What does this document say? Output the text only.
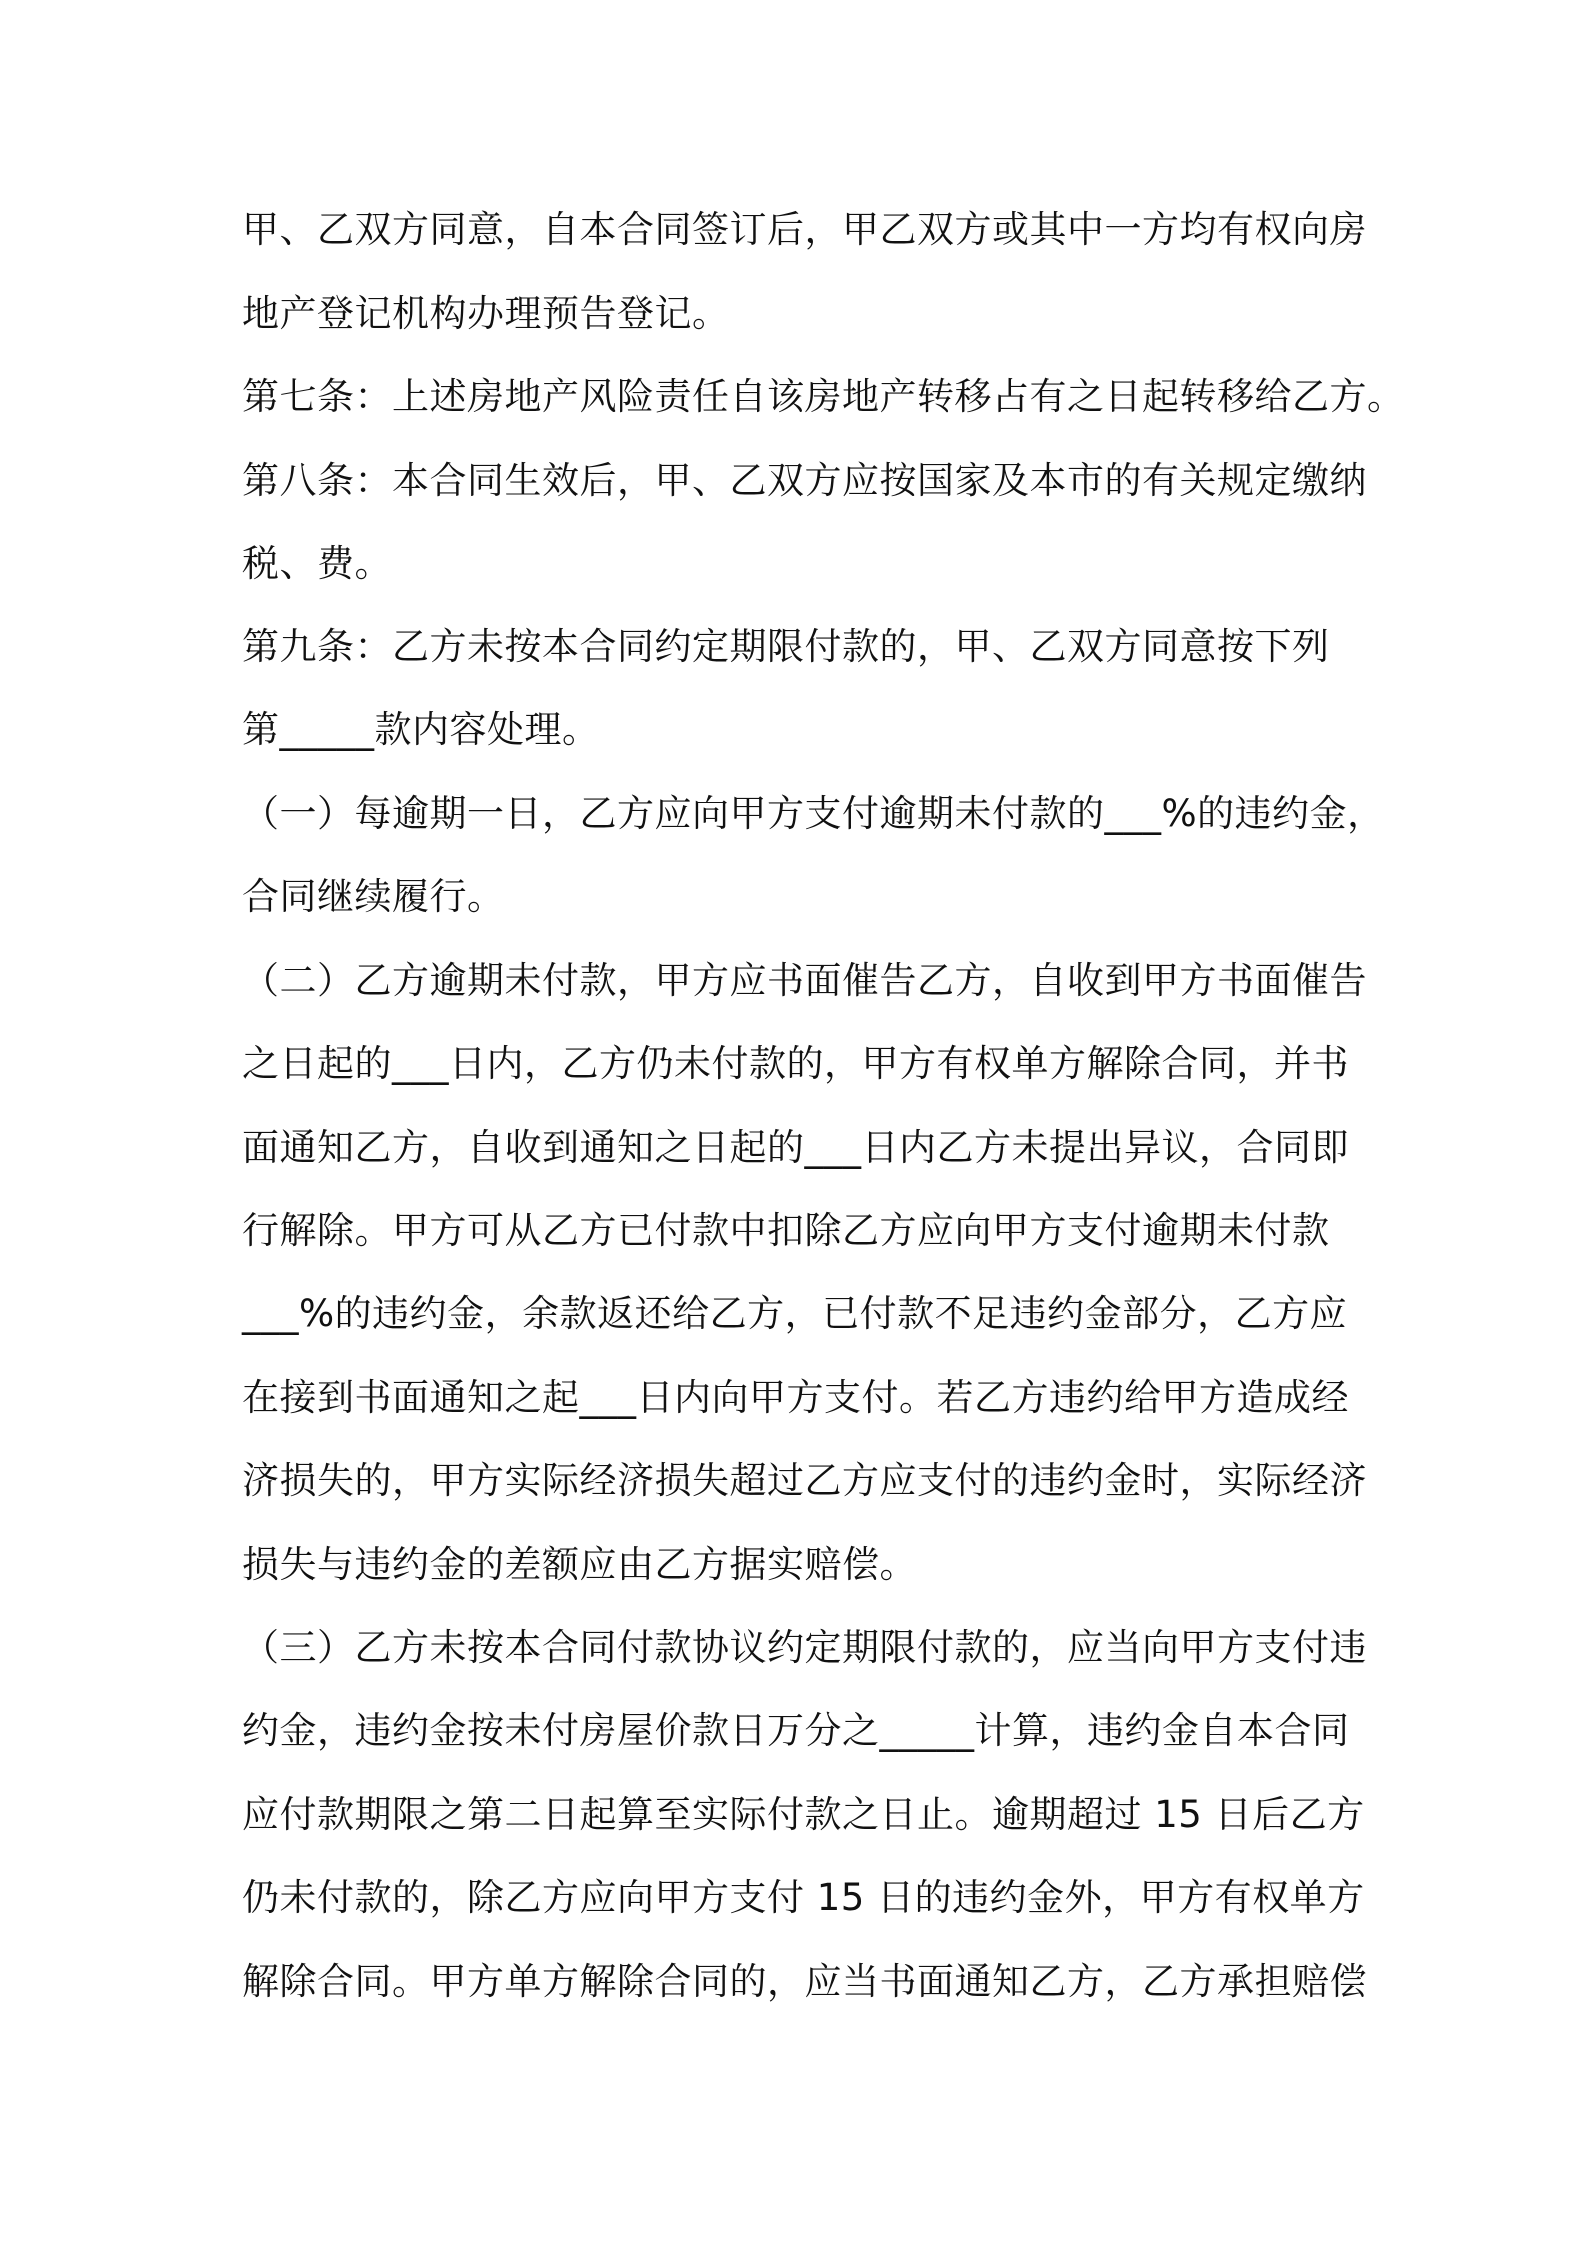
甲、乙双方同意，自本合同签订后，甲乙双方或其中一方均有权向房
地产登记机构办理预告登记。
第七条：上述房地产风险责任自该房地产转移占有之日起转移给乙方。
第八条：本合同生效后，甲、乙双方应按国家及本市的有关规定缴纳
税、费。
第九条：乙方未按本合同约定期限付款的，甲、乙双方同意按下列
第_____款内容处理。
（一）每逾期一日，乙方应向甲方支付逾期未付款的___%的违约金，
合同继续履行。
（二）乙方逾期未付款，甲方应书面催告乙方，自收到甲方书面催告
之日起的___日内，乙方仍未付款的，甲方有权单方解除合同，并书
面通知乙方，自收到通知之日起的___日内乙方未提出异议，合同即
行解除。甲方可从乙方已付款中扣除乙方应向甲方支付逾期未付款
___%的违约金，余款返还给乙方，已付款不足违约金部分，乙方应
在接到书面通知之起___日内向甲方支付。若乙方违约给甲方造成经
济损失的，甲方实际经济损失超过乙方应支付的违约金时，实际经济
损失与违约金的差额应由乙方据实赔偿。
（三）乙方未按本合同付款协议约定期限付款的，应当向甲方支付违
约金，违约金按未付房屋价款日万分之_____计算，违约金自本合同
应付款期限之第二日起算至实际付款之日止。逾期超过 15 日后乙方
仍未付款的，除乙方应向甲方支付 15 日的违约金外，甲方有权单方
解除合同。甲方单方解除合同的，应当书面通知乙方，乙方承担赔偿
